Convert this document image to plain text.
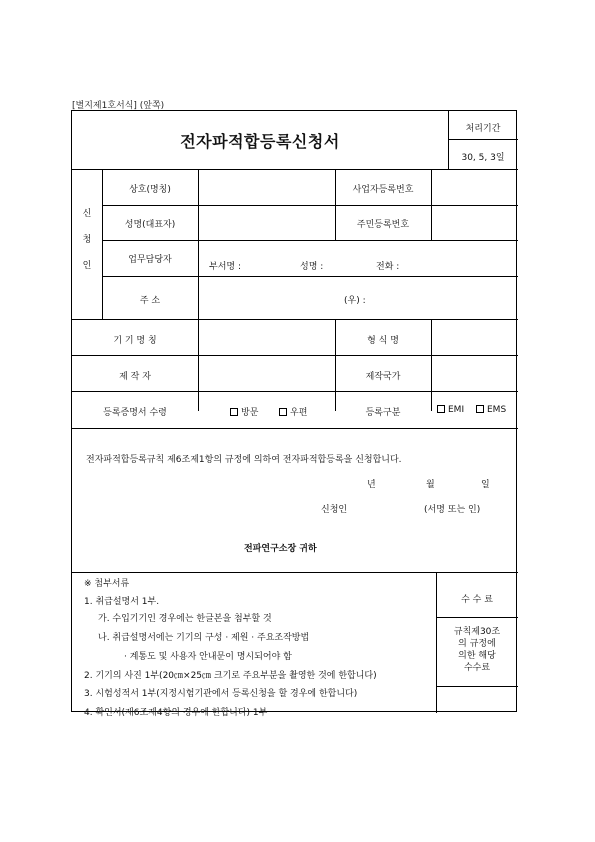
[별지제1호서식] (앞쪽)
전자파적합등록신청서
처리기간
30, 5, 3일
신
청
인
상호(명칭)	사업자등록번호
성명(대표자)	주민등록번호
업무담당자
부서명 :	성명 :	전화 :
주 소	(우) :
기 기 명 칭	형 식 명
제 작 자	제작국가
등록증명서 수령	방문	우편	등록구분	EMI	EMS
전자파적합등록규칙 제6조제1항의 규정에 의하여 전자파적합등록을 신청합니다.
년	월	일
신청인	(서명 또는 인)
전파연구소장 귀하
※ 첨부서류
1. 취급설명서 1부.
가. 수입기기인 경우에는 한글본을 첨부할 것
나. 취급설명서에는 기기의 구성 · 제원 · 주요조작방법
· 계통도 및 사용자 안내문이 명시되어야 함
2. 기기의 사진 1부(20㎝×25㎝ 크기로 주요부분을 촬영한 것에 한합니다)
3. 시험성적서 1부(지정시험기관에서 등록신청을 할 경우에 한합니다)
4. 확인서(제6조제4항의 경우에 한합니다) 1부
수 수 료
규칙제30조
의 규정에
의한 해당
수수료
